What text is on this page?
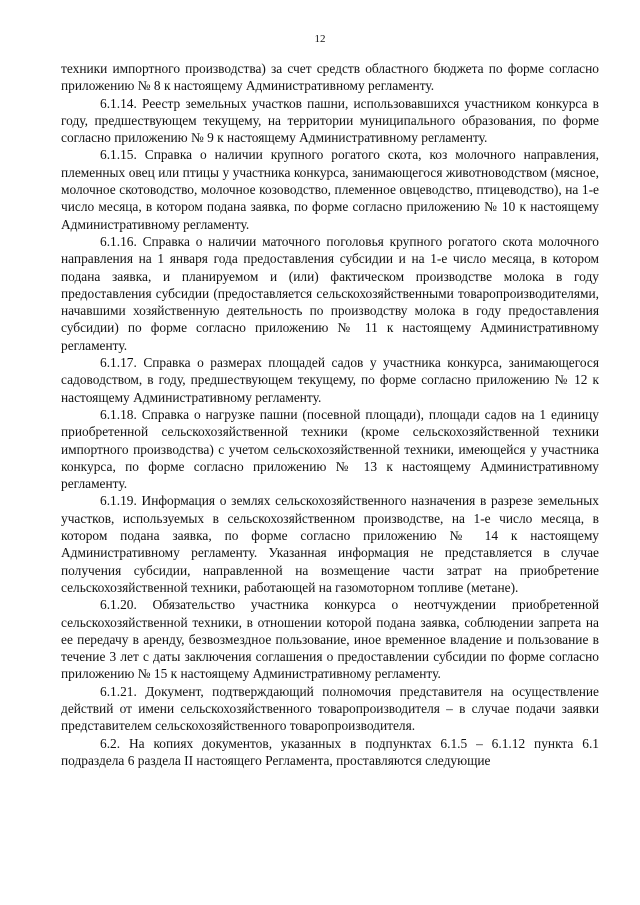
12

техники импортного производства) за счет средств областного бюджета по форме согласно приложению № 8 к настоящему Административному регламенту.

6.1.14. Реестр земельных участков пашни, использовавшихся участником конкурса в году, предшествующем текущему, на территории муниципального образования, по форме согласно приложению № 9 к настоящему Административному регламенту.

6.1.15. Справка о наличии крупного рогатого скота, коз молочного направления, племенных овец или птицы у участника конкурса, занимающегося животноводством (мясное, молочное скотоводство, молочное козоводство, племенное овцеводство, птицеводство), на 1-е число месяца, в котором подана заявка, по форме согласно приложению № 10 к настоящему Административному регламенту.

6.1.16. Справка о наличии маточного поголовья крупного рогатого скота молочного направления на 1 января года предоставления субсидии и на 1-е число месяца, в котором подана заявка, и планируемом и (или) фактическом производстве молока в году предоставления субсидии (предоставляется сельскохозяйственными товаропроизводителями, начавшими хозяйственную деятельность по производству молока в году предоставления субсидии) по форме согласно приложению № 11 к настоящему Административному регламенту.

6.1.17. Справка о размерах площадей садов у участника конкурса, занимающегося садоводством, в году, предшествующем текущему, по форме согласно приложению № 12 к настоящему Административному регламенту.

6.1.18. Справка о нагрузке пашни (посевной площади), площади садов на 1 единицу приобретенной сельскохозяйственной техники (кроме сельскохозяйственной техники импортного производства) с учетом сельскохозяйственной техники, имеющейся у участника конкурса, по форме согласно приложению № 13 к настоящему Административному регламенту.

6.1.19. Информация о землях сельскохозяйственного назначения в разрезе земельных участков, используемых в сельскохозяйственном производстве, на 1-е число месяца, в котором подана заявка, по форме согласно приложению № 14 к настоящему Административному регламенту. Указанная информация не представляется в случае получения субсидии, направленной на возмещение части затрат на приобретение сельскохозяйственной техники, работающей на газомоторном топливе (метане).

6.1.20. Обязательство участника конкурса о неотчуждении приобретенной сельскохозяйственной техники, в отношении которой подана заявка, соблюдении запрета на ее передачу в аренду, безвозмездное пользование, иное временное владение и пользование в течение 3 лет с даты заключения соглашения о предоставлении субсидии по форме согласно приложению № 15 к настоящему Административному регламенту.

6.1.21. Документ, подтверждающий полномочия представителя на осуществление действий от имени сельскохозяйственного товаропроизводителя – в случае подачи заявки представителем сельскохозяйственного товаропроизводителя.

6.2. На копиях документов, указанных в подпунктах 6.1.5 – 6.1.12 пункта 6.1 подраздела 6 раздела II настоящего Регламента, проставляются следующие
